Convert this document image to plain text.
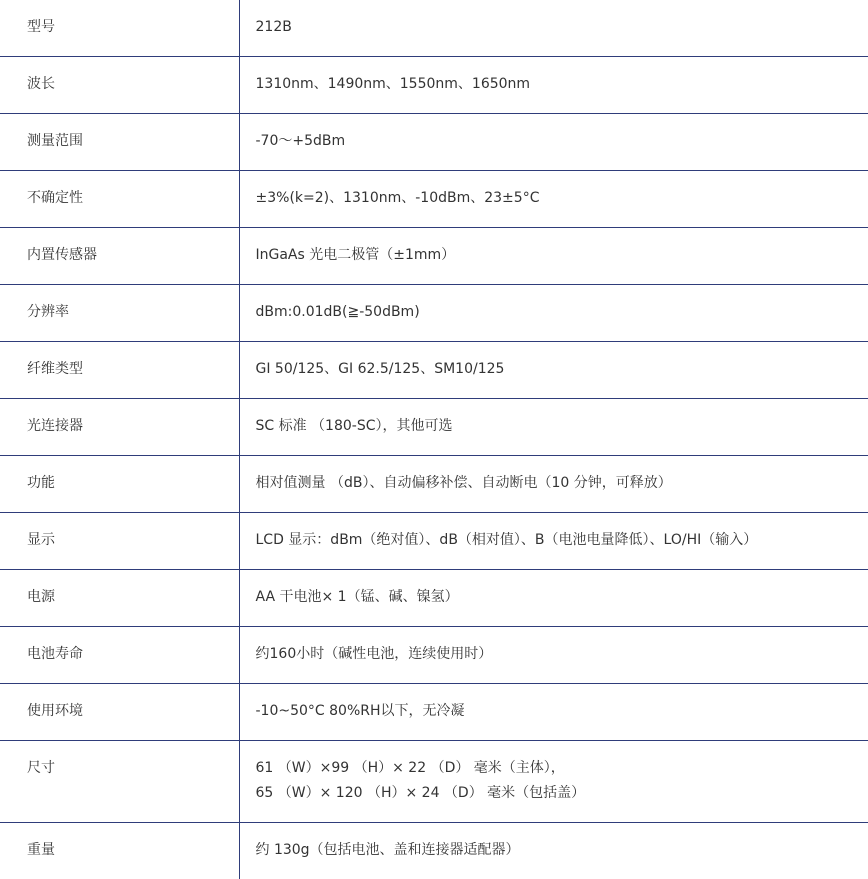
型号	212B

波长	1310nm、1490nm、1550nm、1650nm

测量范围	-70～+5dBm

不确定性	±3%(k=2)、1310nm、-10dBm、23±5°C

内置传感器	InGaAs 光电二极管（±1mm）

分辨率	dBm:0.01dB(≧-50dBm)

纤维类型	GI 50/125、GI 62.5/125、SM10/125

光连接器	SC 标准 （180-SC），其他可选

功能	相对值测量 （dB）、自动偏移补偿、自动断电（10 分钟，可释放）

显示	LCD 显示：dBm（绝对值）、dB（相对值）、B（电池电量降低）、LO/HI（输入）

电源	AA 干电池× 1（锰、碱、镍氢）

电池寿命	约160小时（碱性电池，连续使用时）

使用环境	-10~50°C 80%RH以下，无冷凝

尺寸	61 （W）×99 （H）× 22 （D） 毫米（主体），
65 （W）× 120 （H）× 24 （D） 毫米（包括盖）

重量	约 130g（包括电池、盖和连接器适配器）
